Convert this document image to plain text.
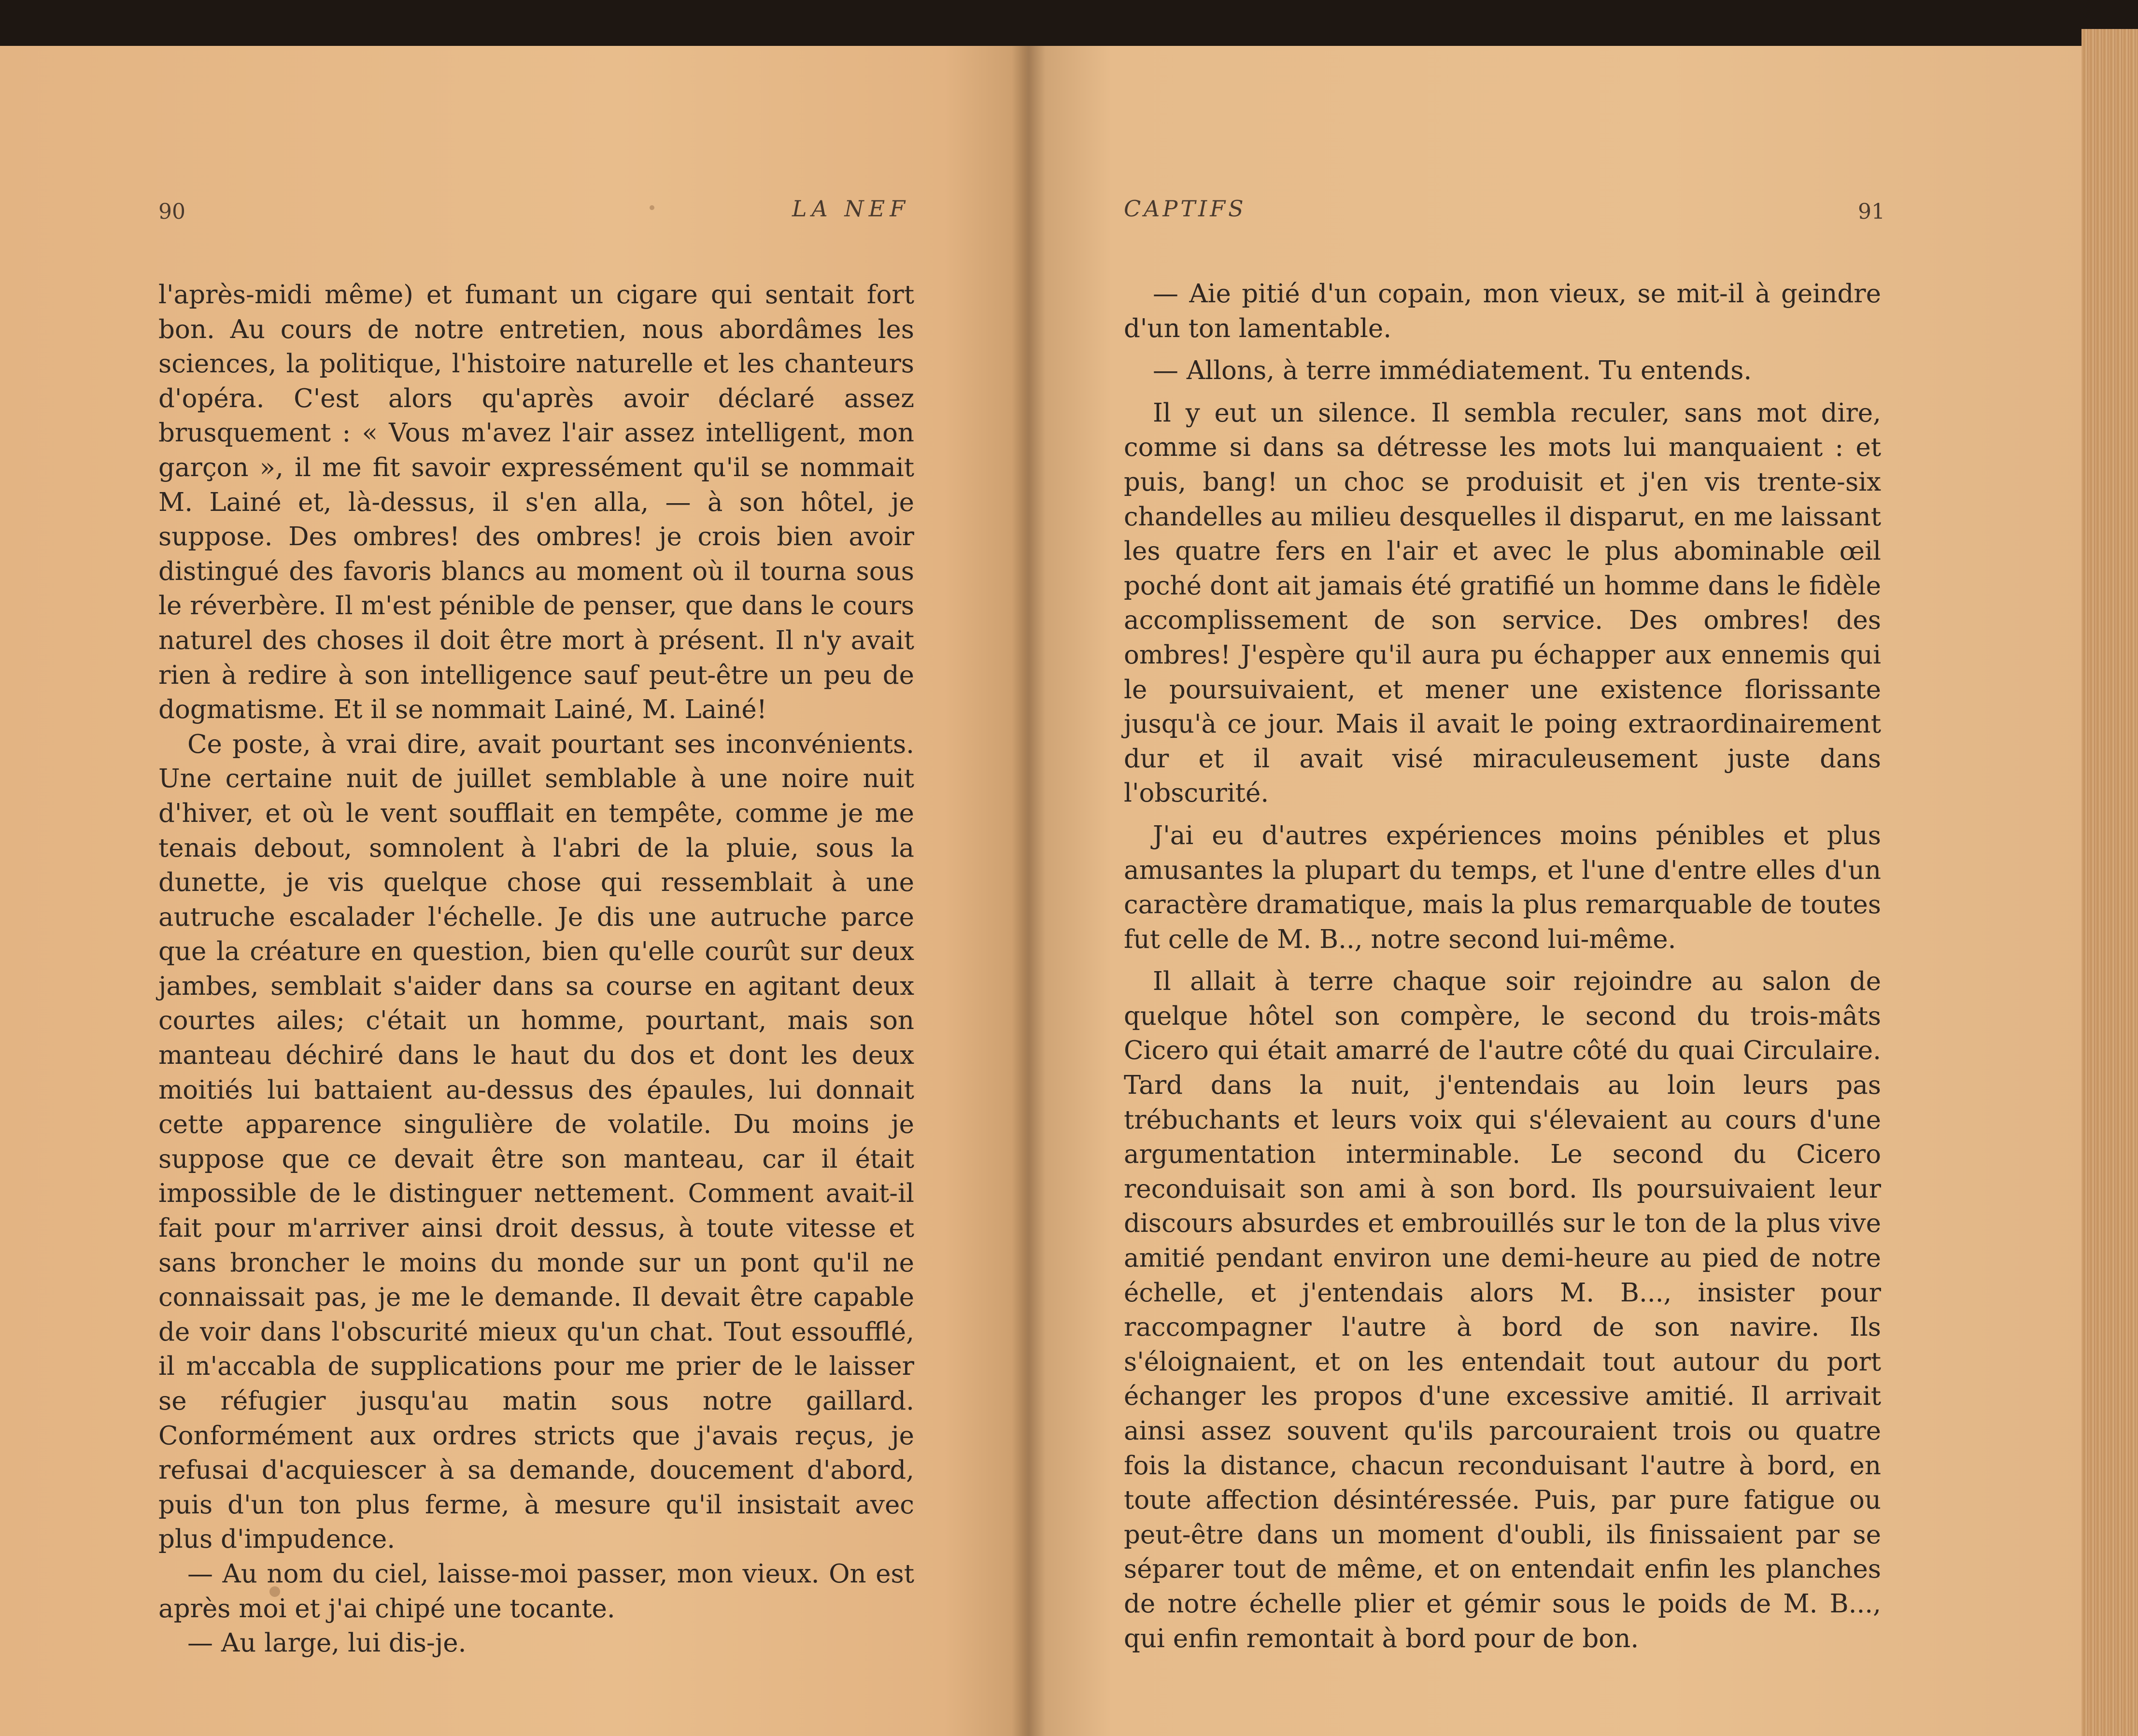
90	LA NEF

l'après-midi même) et fumant un cigare qui sentait fort bon. Au cours de notre entretien, nous abordâmes les sciences, la politique, l'histoire naturelle et les chanteurs d'opéra. C'est alors qu'après avoir déclaré assez brusquement : « Vous m'avez l'air assez intelligent, mon garçon », il me fit savoir expressément qu'il se nommait M. Lainé et, là-dessus, il s'en alla, — à son hôtel, je suppose. Des ombres! des ombres! je crois bien avoir distingué des favoris blancs au moment où il tourna sous le réverbère. Il m'est pénible de penser, que dans le cours naturel des choses il doit être mort à présent. Il n'y avait rien à redire à son intelligence sauf peut-être un peu de dogmatisme. Et il se nommait Lainé, M. Lainé!

Ce poste, à vrai dire, avait pourtant ses inconvénients. Une certaine nuit de juillet semblable à une noire nuit d'hiver, et où le vent soufflait en tempête, comme je me tenais debout, somnolent à l'abri de la pluie, sous la dunette, je vis quelque chose qui ressemblait à une autruche escalader l'échelle. Je dis une autruche parce que la créature en question, bien qu'elle courût sur deux jambes, semblait s'aider dans sa course en agitant deux courtes ailes; c'était un homme, pourtant, mais son manteau déchiré dans le haut du dos et dont les deux moitiés lui battaient au-dessus des épaules, lui donnait cette apparence singulière de volatile. Du moins je suppose que ce devait être son manteau, car il était impossible de le distinguer nettement. Comment avait-il fait pour m'arriver ainsi droit dessus, à toute vitesse et sans broncher le moins du monde sur un pont qu'il ne connaissait pas, je me le demande. Il devait être capable de voir dans l'obscurité mieux qu'un chat. Tout essoufflé, il m'accabla de supplications pour me prier de le laisser se réfugier jusqu'au matin sous notre gaillard. Conformément aux ordres stricts que j'avais reçus, je refusai d'acquiescer à sa demande, doucement d'abord, puis d'un ton plus ferme, à mesure qu'il insistait avec plus d'impudence.

— Au nom du ciel, laisse-moi passer, mon vieux. On est après moi et j'ai chipé une tocante.

— Au large, lui dis-je.

CAPTIFS	91

— Aie pitié d'un copain, mon vieux, se mit-il à geindre d'un ton lamentable.

— Allons, à terre immédiatement. Tu entends.

Il y eut un silence. Il sembla reculer, sans mot dire, comme si dans sa détresse les mots lui manquaient : et puis, bang! un choc se produisit et j'en vis trente-six chandelles au milieu desquelles il disparut, en me laissant les quatre fers en l'air et avec le plus abominable œil poché dont ait jamais été gratifié un homme dans le fidèle accomplissement de son service. Des ombres! des ombres! J'espère qu'il aura pu échapper aux ennemis qui le poursuivaient, et mener une existence florissante jusqu'à ce jour. Mais il avait le poing extraordinairement dur et il avait visé miraculeusement juste dans l'obscurité.

J'ai eu d'autres expériences moins pénibles et plus amusantes la plupart du temps, et l'une d'entre elles d'un caractère dramatique, mais la plus remarquable de toutes fut celle de M. B.., notre second lui-même.

Il allait à terre chaque soir rejoindre au salon de quelque hôtel son compère, le second du trois-mâts Cicero qui était amarré de l'autre côté du quai Circulaire. Tard dans la nuit, j'entendais au loin leurs pas trébuchants et leurs voix qui s'élevaient au cours d'une argumentation interminable. Le second du Cicero reconduisait son ami à son bord. Ils poursuivaient leur discours absurdes et embrouillés sur le ton de la plus vive amitié pendant environ une demi-heure au pied de notre échelle, et j'entendais alors M. B..., insister pour raccompagner l'autre à bord de son navire. Ils s'éloignaient, et on les entendait tout autour du port échanger les propos d'une excessive amitié. Il arrivait ainsi assez souvent qu'ils parcouraient trois ou quatre fois la distance, chacun reconduisant l'autre à bord, en toute affection désintéressée. Puis, par pure fatigue ou peut-être dans un moment d'oubli, ils finissaient par se séparer tout de même, et on entendait enfin les planches de notre échelle plier et gémir sous le poids de M. B..., qui enfin remontait à bord pour de bon.
